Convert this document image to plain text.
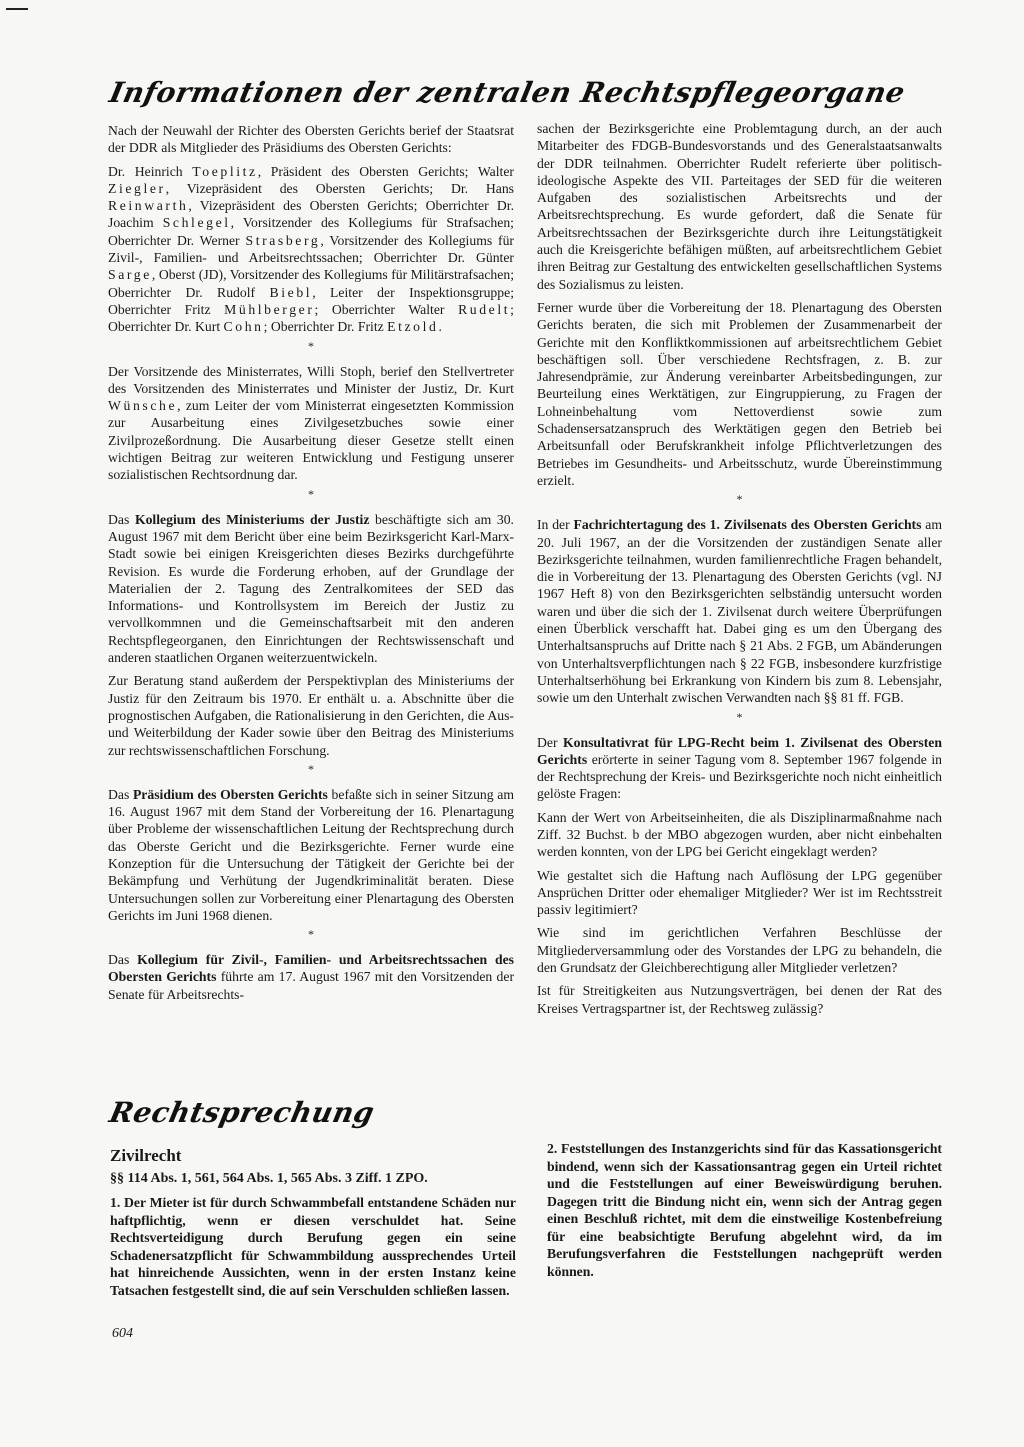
Informationen der zentralen Rechtspflegeorgane

Nach der Neuwahl der Richter des Obersten Gerichts berief der Staatsrat der DDR als Mitglieder des Präsidiums des Obersten Gerichts:

Dr. Heinrich Toeplitz, Präsident des Obersten Gerichts; Walter Ziegler, Vizepräsident des Obersten Gerichts; Dr. Hans Reinwarth, Vizepräsident des Obersten Gerichts; Oberrichter Dr. Joachim Schlegel, Vorsitzender des Kollegiums für Strafsachen; Oberrichter Dr. Werner Strasberg, Vorsitzender des Kollegiums für Zivil-, Familien- und Arbeitsrechtssachen; Oberrichter Dr. Günter Sarge, Oberst (JD), Vorsitzender des Kollegiums für Militärstrafsachen; Oberrichter Dr. Rudolf Biebl, Leiter der Inspektionsgruppe; Oberrichter Fritz Mühlberger; Oberrichter Walter Rudelt; Oberrichter Dr. Kurt Cohn; Oberrichter Dr. Fritz Etzold.

*

Der Vorsitzende des Ministerrates, Willi Stoph, berief den Stellvertreter des Vorsitzenden des Ministerrates und Minister der Justiz, Dr. Kurt Wünsche, zum Leiter der vom Ministerrat eingesetzten Kommission zur Ausarbeitung eines Zivilgesetzbuches sowie einer Zivilprozeßordnung. Die Ausarbeitung dieser Gesetze stellt einen wichtigen Beitrag zur weiteren Entwicklung und Festigung unserer sozialistischen Rechtsordnung dar.

*

Das Kollegium des Ministeriums der Justiz beschäftigte sich am 30. August 1967 mit dem Bericht über eine beim Bezirksgericht Karl-Marx-Stadt sowie bei einigen Kreisgerichten dieses Bezirks durchgeführte Revision. Es wurde die Forderung erhoben, auf der Grundlage der Materialien der 2. Tagung des Zentralkomitees der SED das Informations- und Kontrollsystem im Bereich der Justiz zu vervollkommnen und die Gemeinschaftsarbeit mit den anderen Rechtspflegeorganen, den Einrichtungen der Rechtswissenschaft und anderen staatlichen Organen weiterzuentwickeln.

Zur Beratung stand außerdem der Perspektivplan des Ministeriums der Justiz für den Zeitraum bis 1970. Er enthält u. a. Abschnitte über die prognostischen Aufgaben, die Rationalisierung in den Gerichten, die Aus- und Weiterbildung der Kader sowie über den Beitrag des Ministeriums zur rechtswissenschaftlichen Forschung.

*

Das Präsidium des Obersten Gerichts befaßte sich in seiner Sitzung am 16. August 1967 mit dem Stand der Vorbereitung der 16. Plenartagung über Probleme der wissenschaftlichen Leitung der Rechtsprechung durch das Oberste Gericht und die Bezirksgerichte. Ferner wurde eine Konzeption für die Untersuchung der Tätigkeit der Gerichte bei der Bekämpfung und Verhütung der Jugendkriminalität beraten. Diese Untersuchungen sollen zur Vorbereitung einer Plenartagung des Obersten Gerichts im Juni 1968 dienen.

*

Das Kollegium für Zivil-, Familien- und Arbeitsrechtssachen des Obersten Gerichts führte am 17. August 1967 mit den Vorsitzenden der Senate für Arbeitsrechts-

sachen der Bezirksgerichte eine Problemtagung durch, an der auch Mitarbeiter des FDGB-Bundesvorstands und des Generalstaatsanwalts der DDR teilnahmen. Oberrichter Rudelt referierte über politisch-ideologische Aspekte des VII. Parteitages der SED für die weiteren Aufgaben des sozialistischen Arbeitsrechts und der Arbeitsrechtsprechung. Es wurde gefordert, daß die Senate für Arbeitsrechtssachen der Bezirksgerichte durch ihre Leitungstätigkeit auch die Kreisgerichte befähigen müßten, auf arbeitsrechtlichem Gebiet ihren Beitrag zur Gestaltung des entwickelten gesellschaftlichen Systems des Sozialismus zu leisten.

Ferner wurde über die Vorbereitung der 18. Plenartagung des Obersten Gerichts beraten, die sich mit Problemen der Zusammenarbeit der Gerichte mit den Konfliktkommissionen auf arbeitsrechtlichem Gebiet beschäftigen soll. Über verschiedene Rechtsfragen, z. B. zur Jahresendprämie, zur Änderung vereinbarter Arbeitsbedingungen, zur Beurteilung eines Werktätigen, zur Eingruppierung, zu Fragen der Lohneinbehaltung vom Nettoverdienst sowie zum Schadensersatzanspruch des Werktätigen gegen den Betrieb bei Arbeitsunfall oder Berufskrankheit infolge Pflichtverletzungen des Betriebes im Gesundheits- und Arbeitsschutz, wurde Übereinstimmung erzielt.

*

In der Fachrichtertagung des 1. Zivilsenats des Obersten Gerichts am 20. Juli 1967, an der die Vorsitzenden der zuständigen Senate aller Bezirksgerichte teilnahmen, wurden familienrechtliche Fragen behandelt, die in Vorbereitung der 13. Plenartagung des Obersten Gerichts (vgl. NJ 1967 Heft 8) von den Bezirksgerichten selbständig untersucht worden waren und über die sich der 1. Zivilsenat durch weitere Überprüfungen einen Überblick verschafft hat. Dabei ging es um den Übergang des Unterhaltsanspruchs auf Dritte nach § 21 Abs. 2 FGB, um Abänderungen von Unterhaltsverpflichtungen nach § 22 FGB, insbesondere kurzfristige Unterhaltserhöhung bei Erkrankung von Kindern bis zum 8. Lebensjahr, sowie um den Unterhalt zwischen Verwandten nach §§ 81 ff. FGB.

*

Der Konsultativrat für LPG-Recht beim 1. Zivilsenat des Obersten Gerichts erörterte in seiner Tagung vom 8. September 1967 folgende in der Rechtsprechung der Kreis- und Bezirksgerichte noch nicht einheitlich gelöste Fragen:

Kann der Wert von Arbeitseinheiten, die als Disziplinarmaßnahme nach Ziff. 32 Buchst. b der MBO abgezogen wurden, aber nicht einbehalten werden konnten, von der LPG bei Gericht eingeklagt werden?

Wie gestaltet sich die Haftung nach Auflösung der LPG gegenüber Ansprüchen Dritter oder ehemaliger Mitglieder? Wer ist im Rechtsstreit passiv legitimiert?

Wie sind im gerichtlichen Verfahren Beschlüsse der Mitgliederversammlung oder des Vorstandes der LPG zu behandeln, die den Grundsatz der Gleichberechtigung aller Mitglieder verletzen?

Ist für Streitigkeiten aus Nutzungsverträgen, bei denen der Rat des Kreises Vertragspartner ist, der Rechtsweg zulässig?

Rechtsprechung
Zivilrecht
§§ 114 Abs. 1, 561, 564 Abs. 1, 565 Abs. 3 Ziff. 1 ZPO.
1. Der Mieter ist für durch Schwammbefall entstandene Schäden nur haftpflichtig, wenn er diesen verschuldet hat. Seine Rechtsverteidigung durch Berufung gegen ein seine Schadenersatzpflicht für Schwammbildung aussprechendes Urteil hat hinreichende Aussichten, wenn in der ersten Instanz keine Tatsachen festgestellt sind, die auf sein Verschulden schließen lassen.
2. Feststellungen des Instanzgerichts sind für das Kassationsgericht bindend, wenn sich der Kassationsantrag gegen ein Urteil richtet und die Feststellungen auf einer Beweiswürdigung beruhen. Dagegen tritt die Bindung nicht ein, wenn sich der Antrag gegen einen Beschluß richtet, mit dem die einstweilige Kostenbefreiung für eine beabsichtigte Berufung abgelehnt wird, da im Berufungsverfahren die Feststellungen nachgeprüft werden können.
604
